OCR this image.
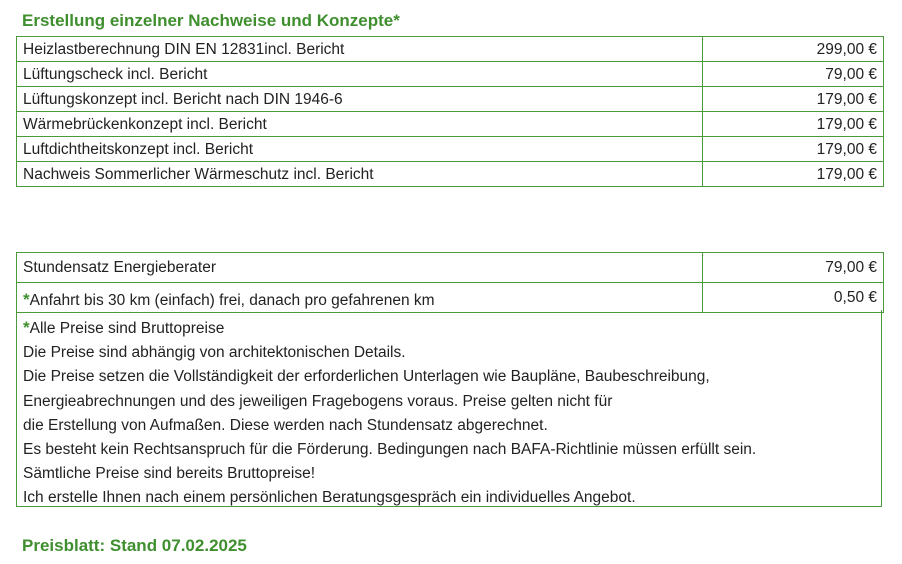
Erstellung einzelner Nachweise und Konzepte*
Heizlastberechnung DIN EN 12831incl. Bericht	299,00 €
Lüftungscheck incl. Bericht	79,00 €
Lüftungskonzept incl. Bericht nach DIN 1946-6	179,00 €
Wärmebrückenkonzept incl. Bericht	179,00 €
Luftdichtheitskonzept incl. Bericht	179,00 €
Nachweis Sommerlicher Wärmeschutz incl. Bericht	179,00 €
Stundensatz Energieberater	79,00 €
*Anfahrt bis 30 km (einfach) frei, danach pro gefahrenen km	0,50 €
*Alle Preise sind Bruttopreise
Die Preise sind abhängig von architektonischen Details.
Die Preise setzen die Vollständigkeit der erforderlichen Unterlagen wie Baupläne, Baubeschreibung,
Energieabrechnungen und des jeweiligen Fragebogens voraus. Preise gelten nicht für
die Erstellung von Aufmaßen. Diese werden nach Stundensatz abgerechnet.
Es besteht kein Rechtsanspruch für die Förderung. Bedingungen nach BAFA-Richtlinie müssen erfüllt sein.
Sämtliche Preise sind bereits Bruttopreise!
Ich erstelle Ihnen nach einem persönlichen Beratungsgespräch ein individuelles Angebot.
Preisblatt: Stand 07.02.2025
